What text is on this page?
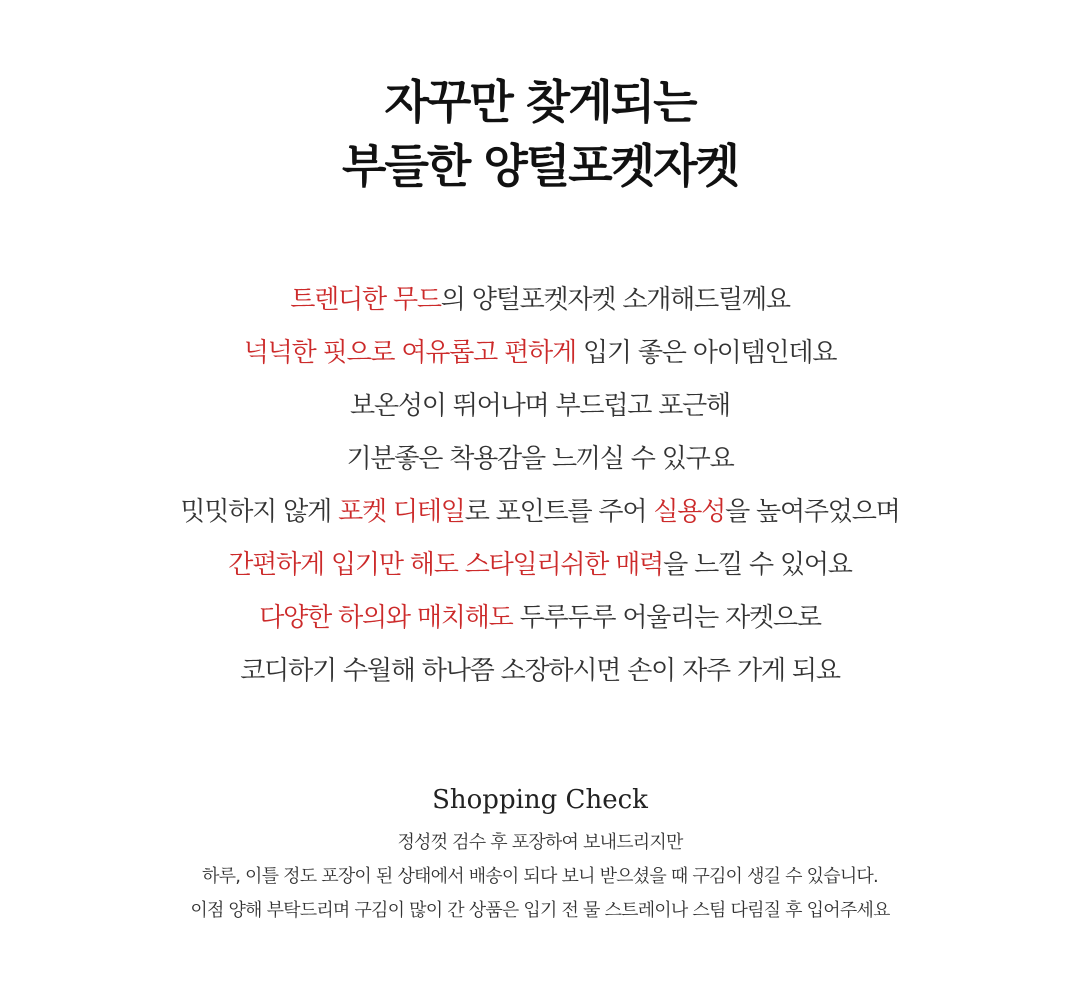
자꾸만 찾게되는
부들한 양털포켓자켓
트렌디한 무드의 양털포켓자켓 소개해드릴께요
넉넉한 핏으로 여유롭고 편하게 입기 좋은 아이템인데요
보온성이 뛰어나며 부드럽고 포근해
기분좋은 착용감을 느끼실 수 있구요
밋밋하지 않게 포켓 디테일로 포인트를 주어 실용성을 높여주었으며
간편하게 입기만 해도 스타일리쉬한 매력을 느낄 수 있어요
다양한 하의와 매치해도 두루두루 어울리는 자켓으로
코디하기 수월해 하나쯤 소장하시면 손이 자주 가게 되요
Shopping Check
정성껏 검수 후 포장하여 보내드리지만
하루, 이틀 정도 포장이 된 상태에서 배송이 되다 보니 받으셨을 때 구김이 생길 수 있습니다.
이점 양해 부탁드리며 구김이 많이 간 상품은 입기 전 물 스트레이나 스팀 다림질 후 입어주세요
